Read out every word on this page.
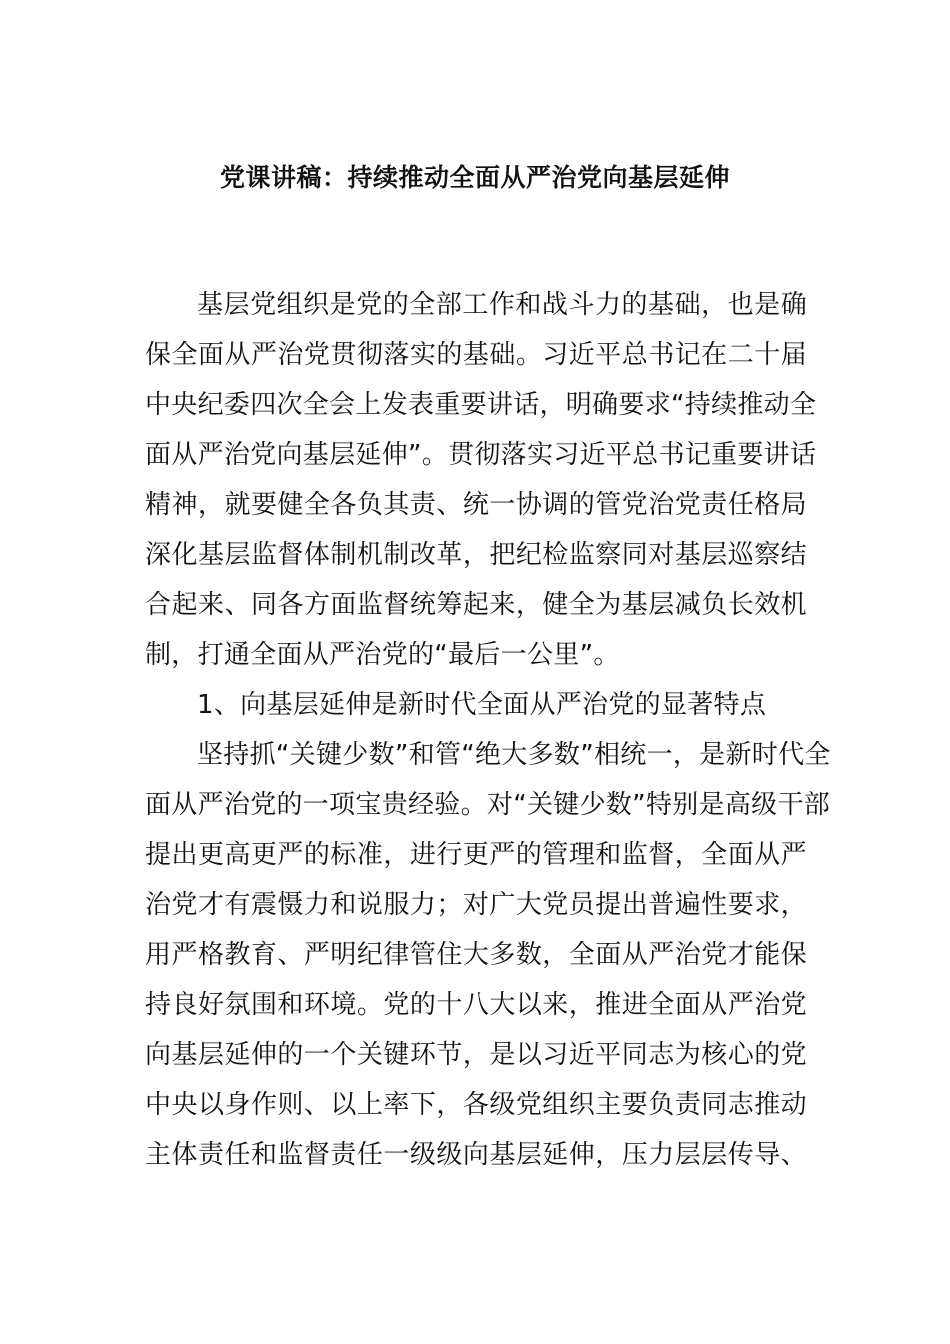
党课讲稿：持续推动全面从严治党向基层延伸
基层党组织是党的全部工作和战斗力的基础，也是确
保全面从严治党贯彻落实的基础。习近平总书记在二十届
中央纪委四次全会上发表重要讲话，明确要求“持续推动全
面从严治党向基层延伸”。贯彻落实习近平总书记重要讲话
精神，就要健全各负其责、统一协调的管党治党责任格局
深化基层监督体制机制改革，把纪检监察同对基层巡察结
合起来、同各方面监督统筹起来，健全为基层减负长效机
制，打通全面从严治党的“最后一公里”。
1、向基层延伸是新时代全面从严治党的显著特点
坚持抓“关键少数”和管“绝大多数”相统一，是新时代全
面从严治党的一项宝贵经验。对“关键少数”特别是高级干部
提出更高更严的标准，进行更严的管理和监督，全面从严
治党才有震慑力和说服力；对广大党员提出普遍性要求，
用严格教育、严明纪律管住大多数，全面从严治党才能保
持良好氛围和环境。党的十八大以来，推进全面从严治党
向基层延伸的一个关键环节，是以习近平同志为核心的党
中央以身作则、以上率下，各级党组织主要负责同志推动
主体责任和监督责任一级级向基层延伸，压力层层传导、
